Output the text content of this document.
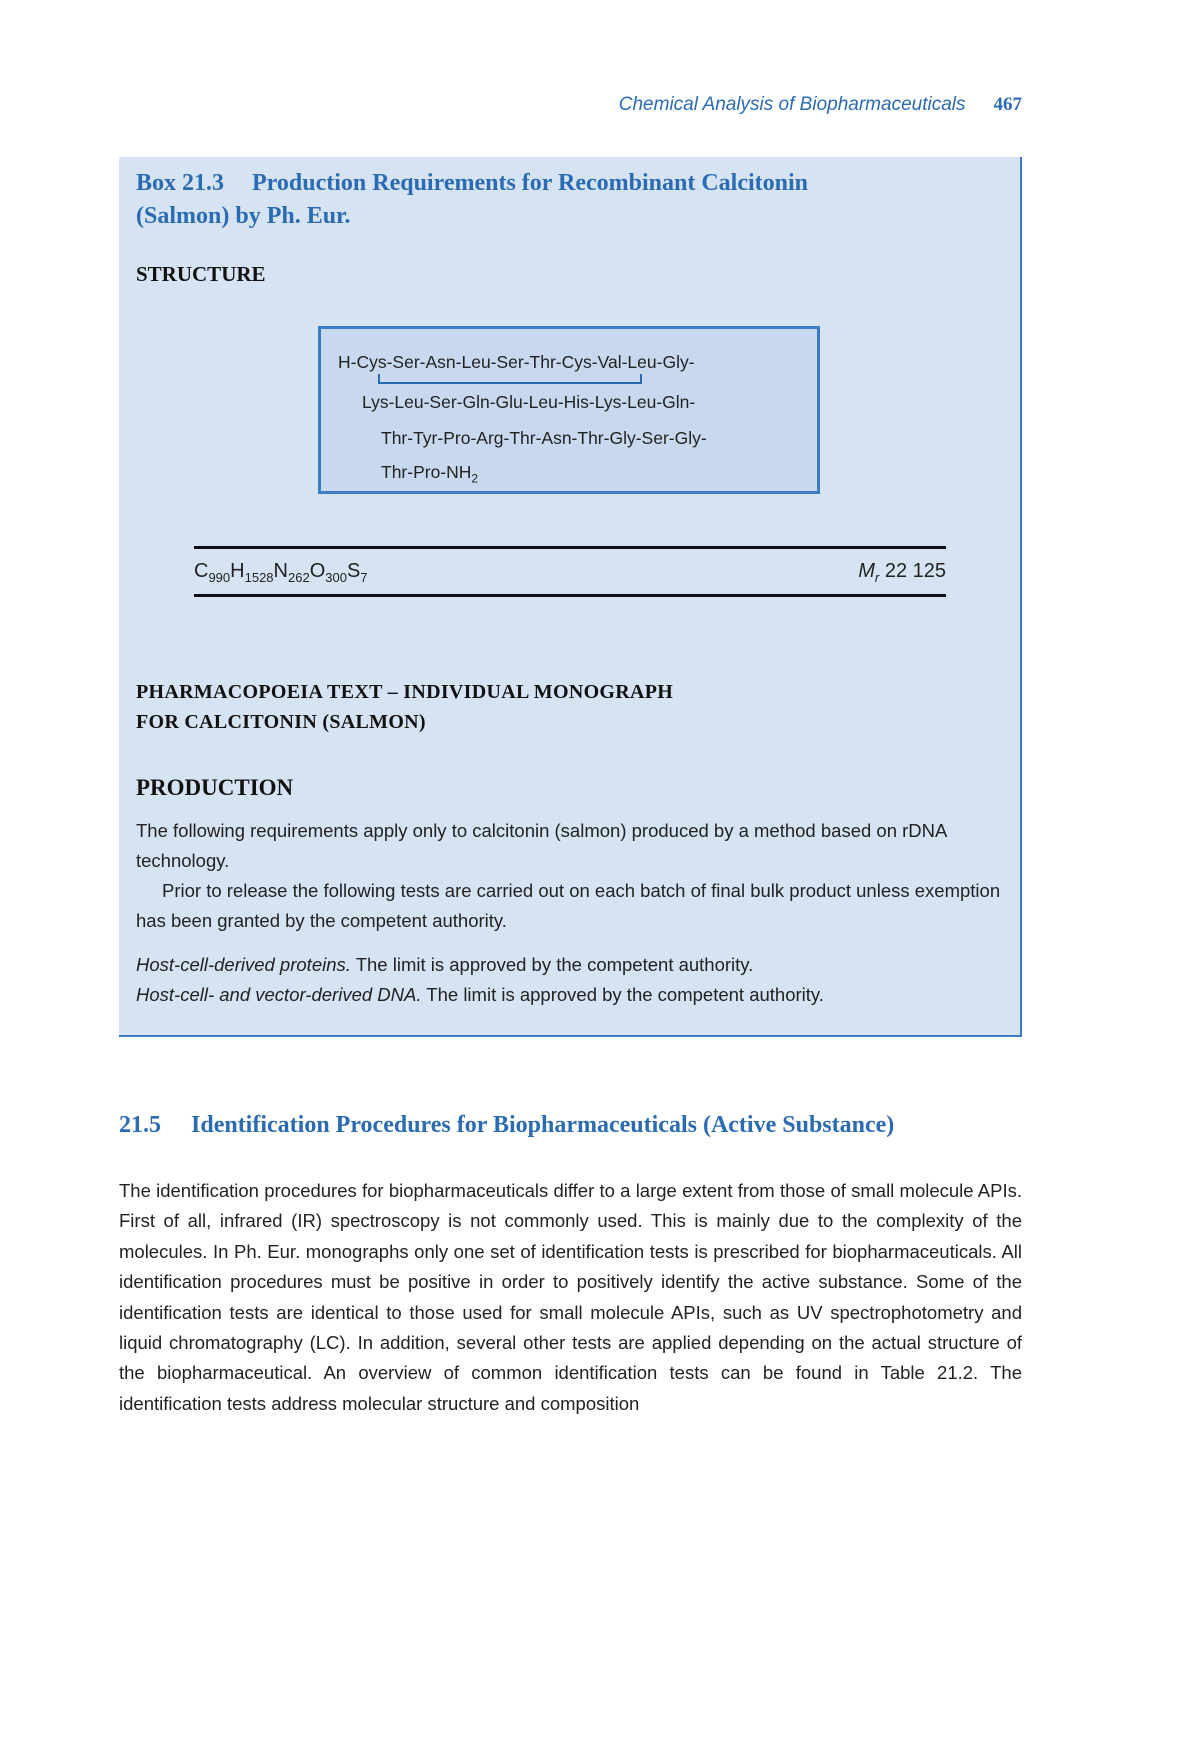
Chemical Analysis of Biopharmaceuticals 467
Box 21.3 Production Requirements for Recombinant Calcitonin
(Salmon) by Ph. Eur.
STRUCTURE
H-Cys-Ser-Asn-Leu-Ser-Thr-Cys-Val-Leu-Gly-
Lys-Leu-Ser-Gln-Glu-Leu-His-Lys-Leu-Gln-
Thr-Tyr-Pro-Arg-Thr-Asn-Thr-Gly-Ser-Gly-
Thr-$Pro-NH_2$
$C_{990}H_{1528}N_{262}O_{300}S_7$	$M_r$ 22 125
PHARMACOPOEIA TEXT – INDIVIDUAL MONOGRAPH
FOR CALCITONIN (SALMON)
PRODUCTION
The following requirements apply only to calcitonin (salmon) produced by a method based on rDNA technology.
Prior to release the following tests are carried out on each batch of final bulk product unless exemption has been granted by the competent authority.
Host-cell-derived proteins. The limit is approved by the competent authority.
Host-cell- and vector-derived DNA. The limit is approved by the competent authority.
21.5 Identification Procedures for Biopharmaceuticals (Active Substance)
The identification procedures for biopharmaceuticals differ to a large extent from those of small molecule APIs. First of all, infrared (IR) spectroscopy is not commonly used. This is mainly due to the complexity of the molecules. In Ph. Eur. monographs only one set of identification tests is prescribed for biopharmaceuticals. All identification procedures must be positive in order to positively identify the active substance. Some of the identification tests are identical to those used for small molecule APIs, such as UV spectrophotometry and liquid chromatography (LC). In addition, several other tests are applied depending on the actual structure of the biopharmaceutical. An overview of common identification tests can be found in Table 21.2. The identification tests address molecular structure and composition
